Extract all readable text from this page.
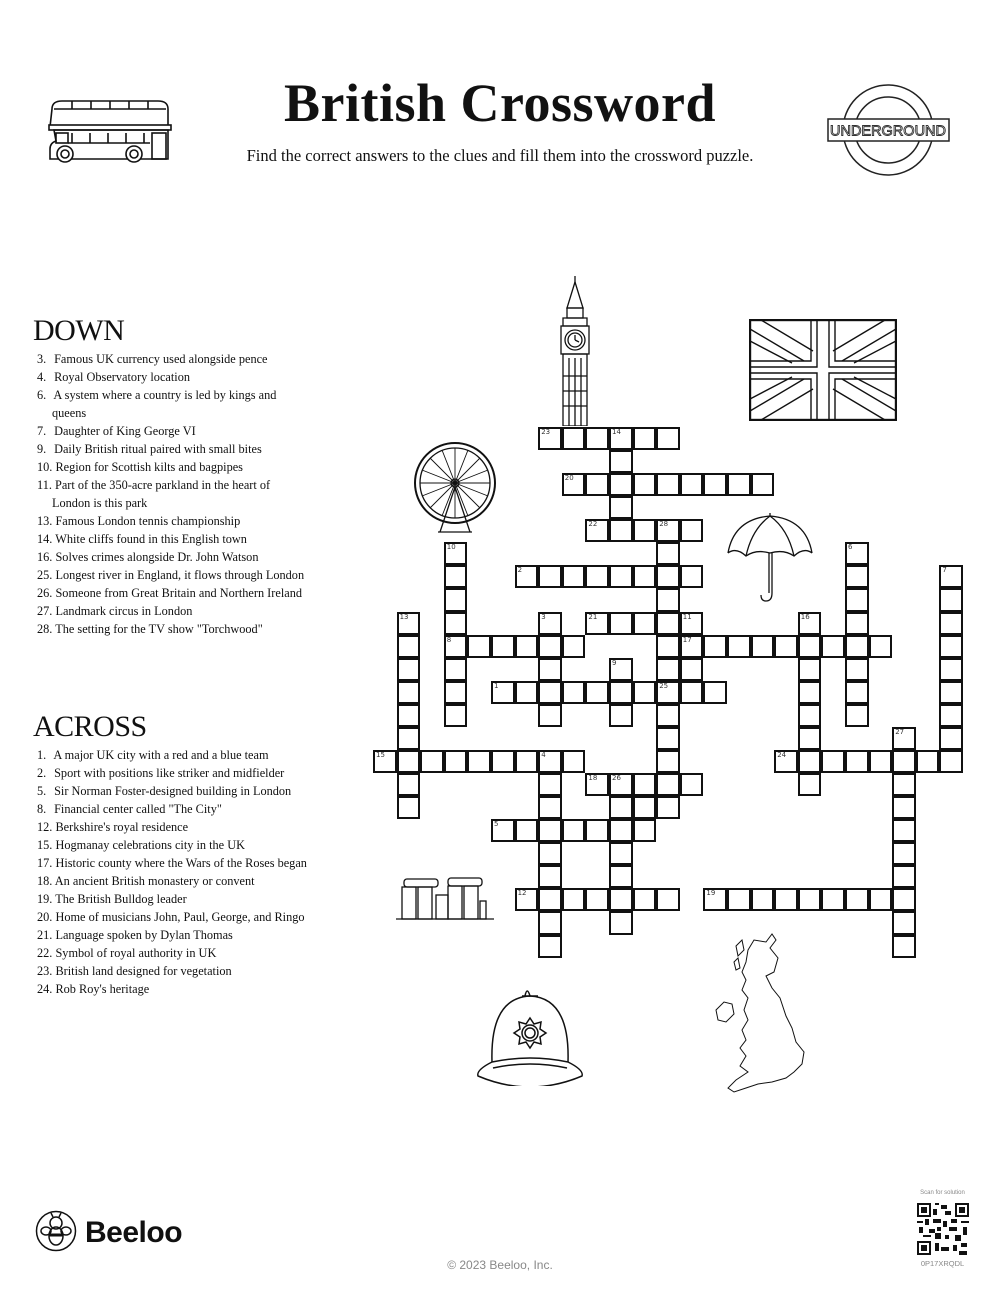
British Crossword
Find the correct answers to the clues and fill them into the crossword puzzle.
UNDERGROUND
DOWN
3. Famous UK currency used alongside pence
4. Royal Observatory location
6. A system where a country is led by kings and queens
7. Daughter of King George VI
9. Daily British ritual paired with small bites
10. Region for Scottish kilts and bagpipes
11. Part of the 350-acre parkland in the heart of London is this park
13. Famous London tennis championship
14. White cliffs found in this English town
16. Solves crimes alongside Dr. John Watson
25. Longest river in England, it flows through London
26. Someone from Great Britain and Northern Ireland
27. Landmark circus in London
28. The setting for the TV show "Torchwood"
ACROSS
1. A major UK city with a red and a blue team
2. Sport with positions like striker and midfielder
5. Sir Norman Foster-designed building in London
8. Financial center called "The City"
12. Berkshire's royal residence
15. Hogmanay celebrations city in the UK
17. Historic county where the Wars of the Roses began
18. An ancient British monastery or convent
19. The British Bulldog leader
20. Home of musicians John, Paul, George, and Ringo
21. Language spoken by Dylan Thomas
22. Symbol of royal authority in UK
23. British land designed for vegetation
24. Rob Roy's heritage
1	25
2
5
8
12
15	4
17
18 26
19
20
21	11
22	28
23	14
24
3
6
7
9
10
13	16
27
Beeloo
© 2023 Beeloo, Inc.
Scan for solution
0P17XRQDL
